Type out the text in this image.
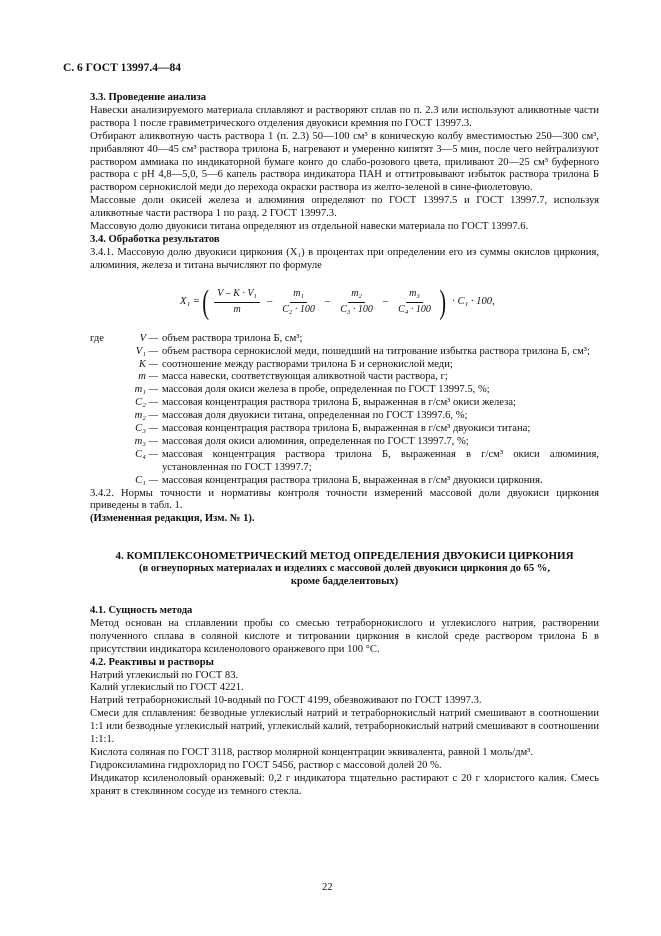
С. 6 ГОСТ 13997.4—84

3.3. Проведение анализа

Навески анализируемого материала сплавляют и растворяют сплав по п. 2.3 или используют аликвотные части раствора 1 после гравиметрического отделения двуокиси кремния по ГОСТ 13997.3.

Отбирают аликвотную часть раствора 1 (п. 2.3) 50—100 см³ в коническую колбу вместимостью 250—300 см³, прибавляют 40—45 см³ раствора трилона Б, нагревают и умеренно кипятят 3—5 мин, после чего нейтрализуют раствором аммиака по индикаторной бумаге конго до слабо-розового цвета, приливают 20—25 см³ буферного раствора с pH 4,8—5,0, 5—6 капель раствора индикатора ПАН и оттитровывают избыток раствора трилона Б раствором сернокислой меди до перехода окраски раствора из желто-зеленой в сине-фиолетовую.

Массовые доли окисей железа и алюминия определяют по ГОСТ 13997.5 и ГОСТ 13997.7, используя аликвотные части раствора 1 по разд. 2 ГОСТ 13997.3.

Массовую долю двуокиси титана определяют из отдельной навески материала по ГОСТ 13997.6.

3.4. Обработка результатов

3.4.1. Массовую долю двуокиси циркония (X₁) в процентах при определении его из суммы окислов циркония, алюминия, железа и титана вычисляют по формуле

X₁ = ( $\frac{\text{V – K · V₁}}{m} - \frac{\text{m₁}}{\text{C₂ · 100}} - \frac{\text{m₂}}{\text{C₃ · 100}} - \frac{\text{m₃}}{\text{C₄ · 100}}$ ) · C₁ · 100,
где	V — объем раствора трилона Б, см³;
V₁ — объем раствора сернокислой меди, пошедший на титрование избытка раствора трилона Б, см³;
K — соотношение между растворами трилона Б и сернокислой меди;
m — масса навески, соответствующая аликвотной части раствора, г;
m₁ — массовая доля окиси железа в пробе, определенная по ГОСТ 13997.5, %;
C₂ — массовая концентрация раствора трилона Б, выраженная в г/см³ окиси железа;
m₂ — массовая доля двуокиси титана, определенная по ГОСТ 13997.6, %;
C₃ — массовая концентрация раствора трилона Б, выраженная в г/см³ двуокиси титана;
m₃ — массовая доля окиси алюминия, определенная по ГОСТ 13997.7, %;
C₄ — массовая концентрация раствора трилона Б, выраженная в г/см³ окиси алюминия, установленная по ГОСТ 13997.7;
C₁ — массовая концентрация раствора трилона Б, выраженная в г/см³ двуокиси циркония.

3.4.2. Нормы точности и нормативы контроля точности измерений массовой доли двуокиси циркония приведены в табл. 1.

(Измененная редакция, Изм. № 1).

4. КОМПЛЕКСОНОМЕТРИЧЕСКИЙ МЕТОД ОПРЕДЕЛЕНИЯ ДВУОКИСИ ЦИРКОНИЯ
(в огнеупорных материалах и изделиях с массовой долей двуокиси циркония до 65 %,
кроме бадделеитовых)

4.1. Сущность метода

Метод основан на сплавлении пробы со смесью тетраборнокислого и углекислого натрия, растворении полученного сплава в соляной кислоте и титровании циркония в кислой среде раствором трилона Б в присутствии индикатора ксиленолового оранжевого при 100 °С.

4.2. Реактивы и растворы

Натрий углекислый по ГОСТ 83.

Калий углекислый по ГОСТ 4221.

Натрий тетраборнокислый 10-водный по ГОСТ 4199, обезвоживают по ГОСТ 13997.3.

Смеси для сплавления: безводные углекислый натрий и тетраборнокислый натрий смешивают в соотношении 1:1 или безводные углекислый натрий, углекислый калий, тетраборнокислый натрий смешивают в соотношении 1:1:1.

Кислота соляная по ГОСТ 3118, раствор молярной концентрации эквивалента, равной 1 моль/дм³.

Гидроксиламина гидрохлорид по ГОСТ 5456, раствор с массовой долей 20 %.

Индикатор ксиленоловый оранжевый: 0,2 г индикатора тщательно растирают с 20 г хлористого калия. Смесь хранят в стеклянном сосуде из темного стекла.

22
